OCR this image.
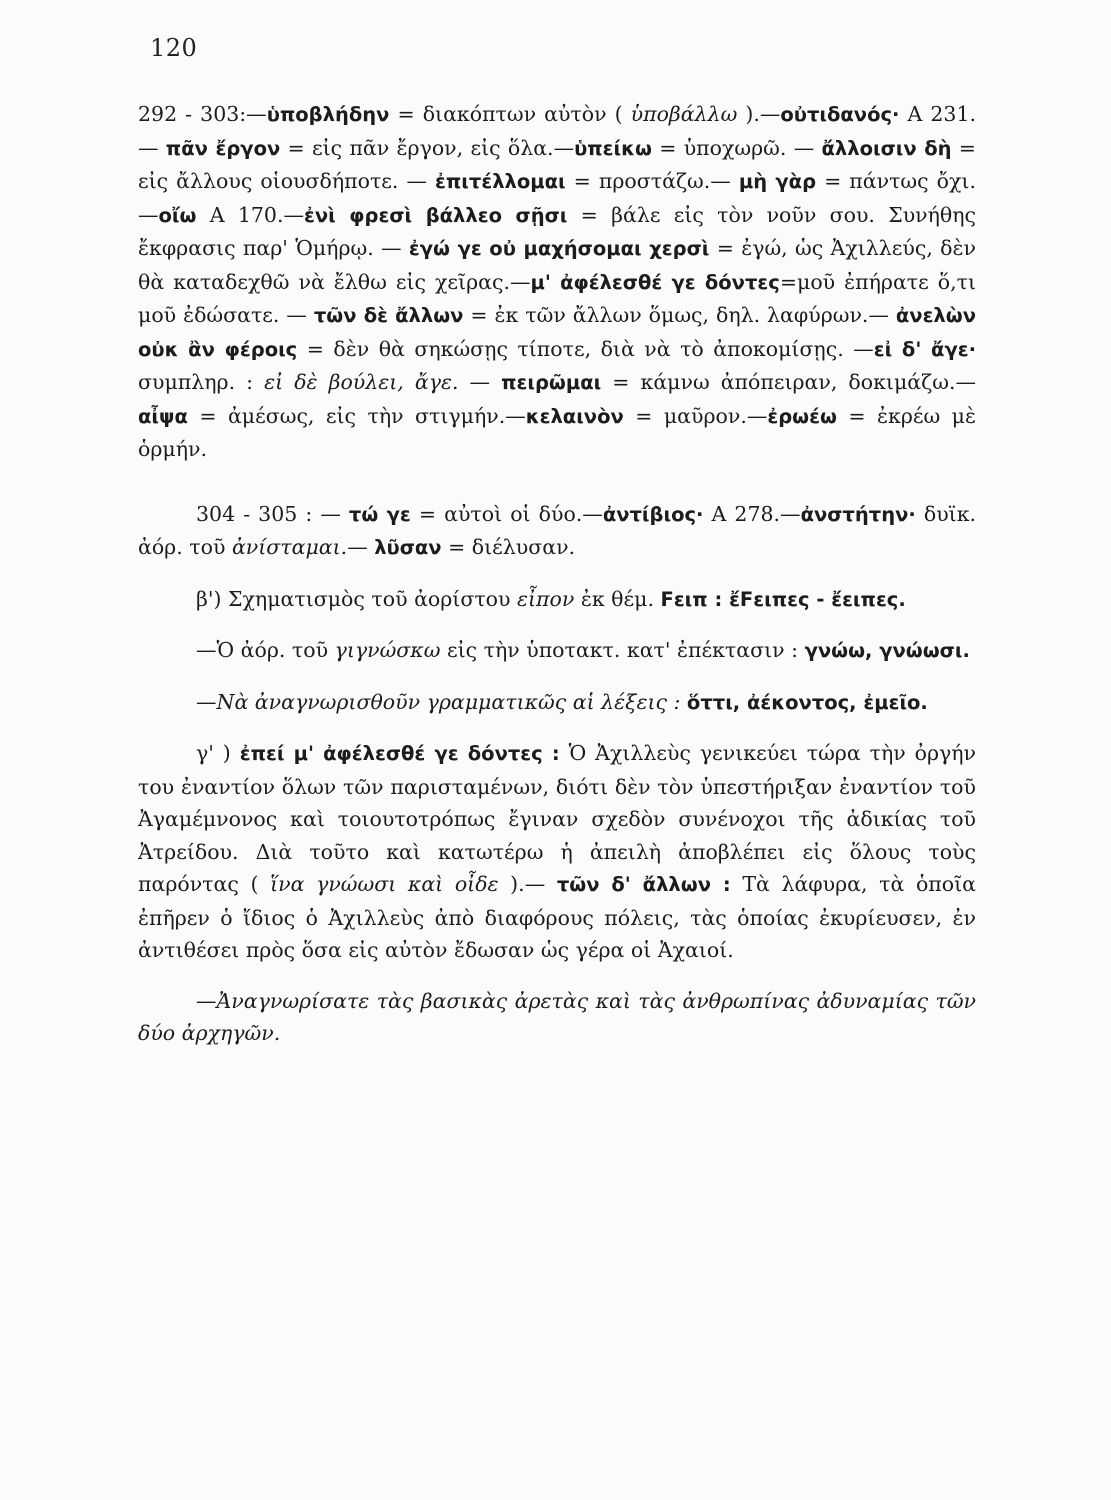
120

292 - 303:—ὑποβλήδην = διακόπτων αὐτὸν ( ὑποβάλλω ).—οὐτιδανός· Α 231.— πᾶν ἔργον = εἰς πᾶν ἔργον, εἰς ὅλα.—ὑπείκω = ὑποχωρῶ. — ἄλλοισιν δὴ = εἰς ἄλλους οἱουσδήποτε. — ἐπιτέλλομαι = προστάζω.— μὴ γὰρ = πάντως ὄχι.—οἴω Α 170.—ἐνὶ φρεσὶ βάλλεο σῇσι = βάλε εἰς τὸν νοῦν σου. Συνήθης ἔκφρασις παρ' Ὁμήρῳ. — ἐγώ γε οὐ μαχήσομαι χερσὶ = ἐγώ, ὡς Ἀχιλλεύς, δὲν θὰ καταδεχθῶ νὰ ἔλθω εἰς χεῖρας.—μ' ἀφέλεσθέ γε δόντες=μοῦ ἐπήρατε ὅ,τι μοῦ ἐδώσατε. — τῶν δὲ ἄλλων = ἐκ τῶν ἄλλων ὅμως, δηλ. λαφύρων.— ἀνελὼν οὐκ ἂν φέροις = δὲν θὰ σηκώσῃς τίποτε, διὰ νὰ τὸ ἀποκομίσῃς. —εἰ δ' ἄγε· συμπληρ. : εἰ δὲ βούλει, ἄγε. — πειρῶμαι = κάμνω ἀπόπειραν, δοκιμάζω.— αἶψα = ἀμέσως, εἰς τὴν στιγμήν.—κελαινὸν = μαῦρον.—ἐρωέω = ἐκρέω μὲ ὁρμήν.

304 - 305 : — τώ γε = αὐτοὶ οἱ δύο.—ἀντίβιος· Α 278.—ἀνστήτην· δυϊκ. ἀόρ. τοῦ ἀνίσταμαι.— λῦσαν = διέλυσαν.

β') Σχηματισμὸς τοῦ ἀορίστου εἶπον ἐκ θέμ. Fειπ : ἔFειπες - ἔειπες.

—Ὁ ἀόρ. τοῦ γιγνώσκω εἰς τὴν ὑποτακτ. κατ' ἐπέκτασιν : γνώω, γνώωσι.

—Νὰ ἀναγνωρισθοῦν γραμματικῶς αἱ λέξεις : ὅττι, ἀέκοντος, ἐμεῖο.

γ' ) ἐπεί μ' ἀφέλεσθέ γε δόντες : Ὁ Ἀχιλλεὺς γενικεύει τώρα τὴν ὀργήν του ἐναντίον ὅλων τῶν παρισταμένων, διότι δὲν τὸν ὑπεστήριξαν ἐναντίον τοῦ Ἀγαμέμνονος καὶ τοιουτοτρόπως ἔγιναν σχεδὸν συνένοχοι τῆς ἀδικίας τοῦ Ἀτρείδου. Διὰ τοῦτο καὶ κατωτέρω ἡ ἀπειλὴ ἀποβλέπει εἰς ὅλους τοὺς παρόντας ( ἵνα γνώωσι καὶ οἶδε ).— τῶν δ' ἄλλων : Τὰ λάφυρα, τὰ ὁποῖα ἐπῆρεν ὁ ἴδιος ὁ Ἀχιλλεὺς ἀπὸ διαφόρους πόλεις, τὰς ὁποίας ἐκυρίευσεν, ἐν ἀντιθέσει πρὸς ὅσα εἰς αὐτὸν ἔδωσαν ὡς γέρα οἱ Ἀχαιοί.

—Ἀναγνωρίσατε τὰς βασικὰς ἀρετὰς καὶ τὰς ἀνθρωπίνας ἀδυναμίας τῶν δύο ἀρχηγῶν.
